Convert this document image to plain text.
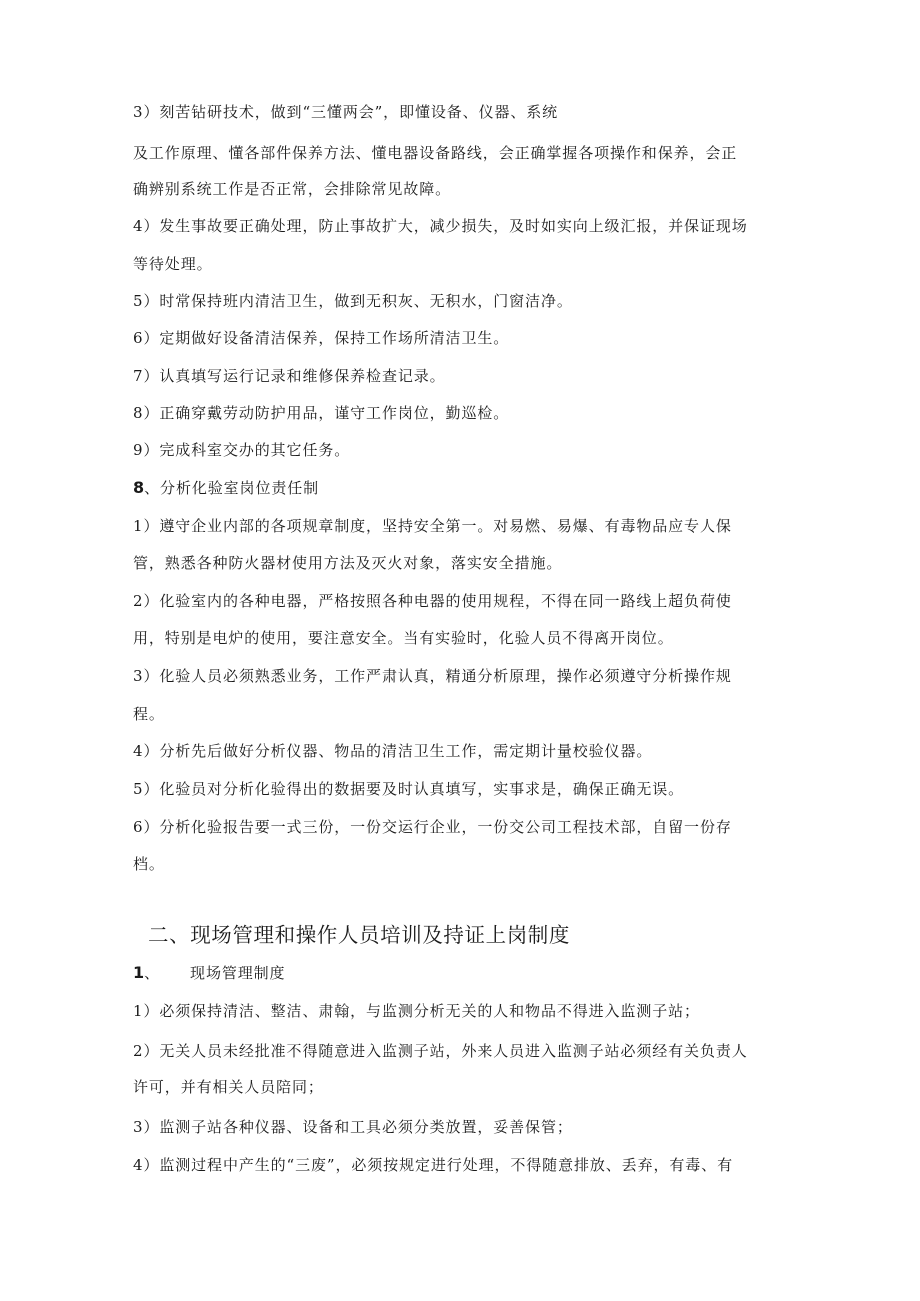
3）刻苦钻研技术，做到“三懂两会”，即懂设备、仪器、系统
及工作原理、懂各部件保养方法、懂电器设备路线，会正确掌握各项操作和保养，会正
确辨别系统工作是否正常，会排除常见故障。
4）发生事故要正确处理，防止事故扩大，减少损失，及时如实向上级汇报，并保证现场
等待处理。
5）时常保持班内清洁卫生，做到无积灰、无积水，门窗洁净。
6）定期做好设备清洁保养，保持工作场所清洁卫生。
7）认真填写运行记录和维修保养检查记录。
8）正确穿戴劳动防护用品，谨守工作岗位，勤巡检。
9）完成科室交办的其它任务。
8、分析化验室岗位责任制
1）遵守企业内部的各项规章制度，坚持安全第一。对易燃、易爆、有毒物品应专人保
管，熟悉各种防火器材使用方法及灭火对象，落实安全措施。
2）化验室内的各种电器，严格按照各种电器的使用规程，不得在同一路线上超负荷使
用，特别是电炉的使用，要注意安全。当有实验时，化验人员不得离开岗位。
3）化验人员必须熟悉业务，工作严肃认真，精通分析原理，操作必须遵守分析操作规
程。
4）分析先后做好分析仪器、物品的清洁卫生工作，需定期计量校验仪器。
5）化验员对分析化验得出的数据要及时认真填写，实事求是，确保正确无误。
6）分析化验报告要一式三份，一份交运行企业，一份交公司工程技术部，自留一份存
档。
二、现场管理和操作人员培训及持证上岗制度
1、 现场管理制度
1）必须保持清洁、整洁、肃翰，与监测分析无关的人和物品不得进入监测子站；
2）无关人员未经批准不得随意进入监测子站，外来人员进入监测子站必须经有关负责人
许可，并有相关人员陪同；
3）监测子站各种仪器、设备和工具必须分类放置，妥善保管；
4）监测过程中产生的“三废”，必须按规定进行处理，不得随意排放、丢弃，有毒、有
